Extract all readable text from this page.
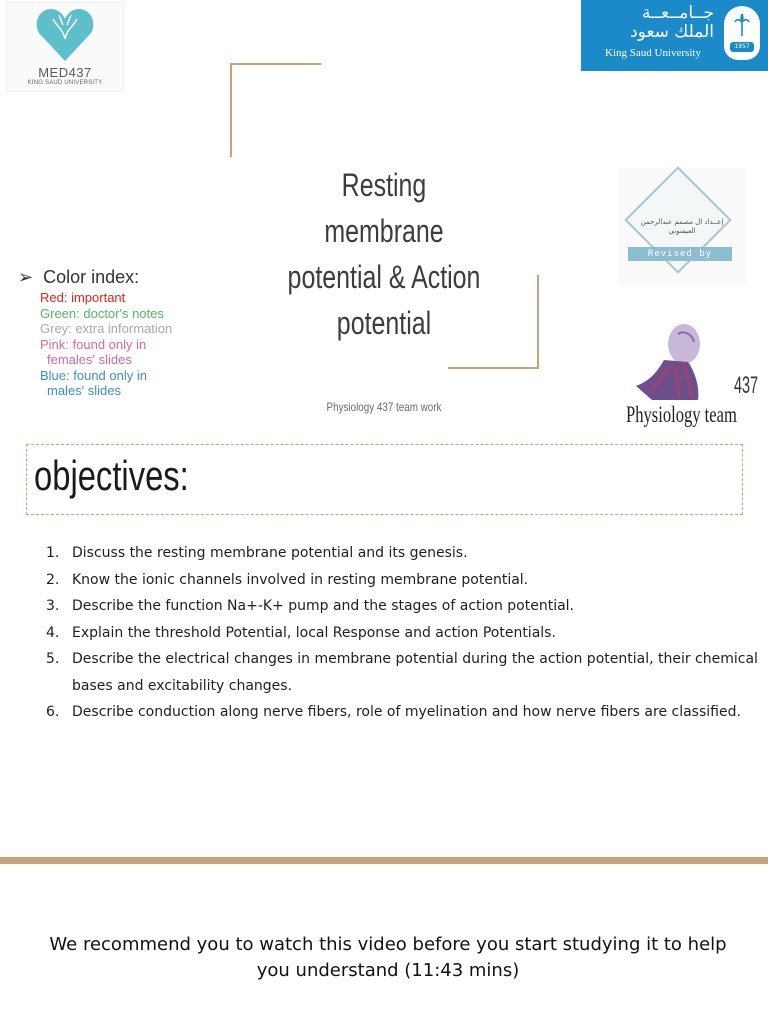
MED437
KING SAUD UNIVERSITY
جــامــعــة
الملك سعود
King Saud University
1957
Resting membrane potential & Action potential
Physiology 437 team work
➢ Color index:
Red: important
Green: doctor's notes
Grey: extra information
Pink: found only in
females' slides
Blue: found only in
males' slides
إعــداد ال مصمم عبدالرحمن العيسوني
Revised by
437
Physiology team
objectives:
1. Discuss the resting membrane potential and its genesis.
2. Know the ionic channels involved in resting membrane potential.
3. Describe the function Na+-K+ pump and the stages of action potential.
4. Explain the threshold Potential, local Response and action Potentials.
5. Describe the electrical changes in membrane potential during the action potential, their chemical bases and excitability changes.
6. Describe conduction along nerve fibers, role of myelination and how nerve fibers are classified.
We recommend you to watch this video before you start studying it to help you understand (11:43 mins)
